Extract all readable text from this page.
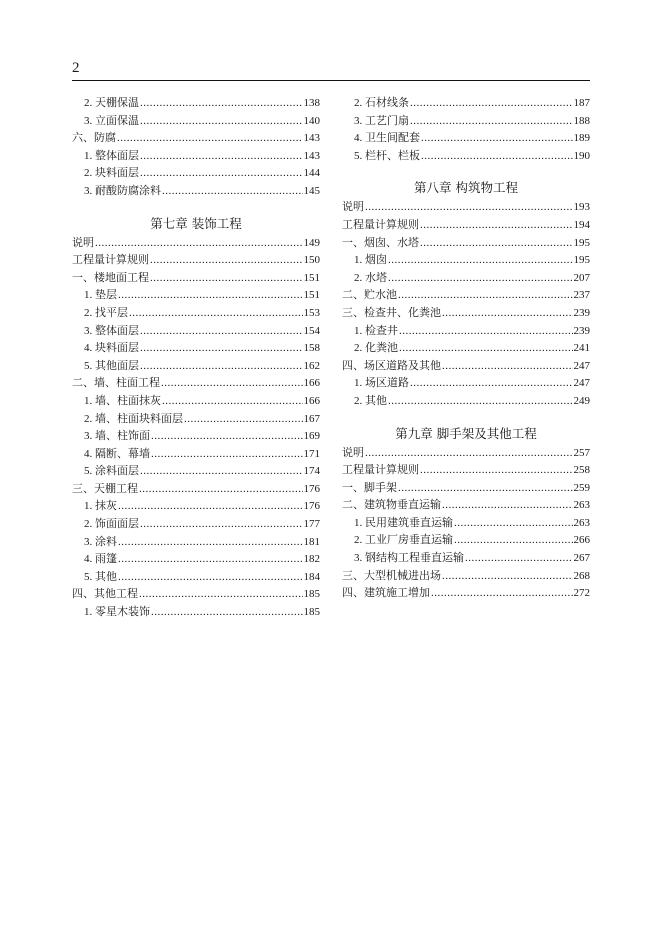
2
2. 天棚保温 .....	138
3. 立面保温 .....	140
六、防腐 .....	143
1. 整体面层 .....	143
2. 块料面层 .....	144
3. 耐酸防腐涂料 .....	145
第七章 装饰工程
说明 .....	149
工程量计算规则 .....	150
一、楼地面工程 .....	151
1. 垫层 .....	151
2. 找平层 .....	153
3. 整体面层 .....	154
4. 块料面层 .....	158
5. 其他面层 .....	162
二、墙、柱面工程 .....	166
1. 墙、柱面抹灰 .....	166
2. 墙、柱面块料面层 .....	167
3. 墙、柱饰面 .....	169
4. 隔断、幕墙 .....	171
5. 涂料面层 .....	174
三、天棚工程 .....	176
1. 抹灰 .....	176
2. 饰面面层 .....	177
3. 涂料 .....	181
4. 雨篷 .....	182
5. 其他 .....	184
四、其他工程 .....	185
1. 零星木装饰 .....	185
2. 石材线条 .....	187
3. 工艺门扇 .....	188
4. 卫生间配套 .....	189
5. 栏杆、栏板 .....	190
第八章 构筑物工程
说明 .....	193
工程量计算规则 .....	194
一、烟囱、水塔 .....	195
1. 烟囱 .....	195
2. 水塔 .....	207
二、贮水池 .....	237
三、检查井、化粪池 .....	239
1. 检查井 .....	239
2. 化粪池 .....	241
四、场区道路及其他 .....	247
1. 场区道路 .....	247
2. 其他 .....	249
第九章 脚手架及其他工程
说明 .....	257
工程量计算规则 .....	258
一、脚手架 .....	259
二、建筑物垂直运输 .....	263
1. 民用建筑垂直运输 .....	263
2. 工业厂房垂直运输 .....	266
3. 钢结构工程垂直运输 .....	267
三、大型机械进出场 .....	268
四、建筑施工增加 .....	272
